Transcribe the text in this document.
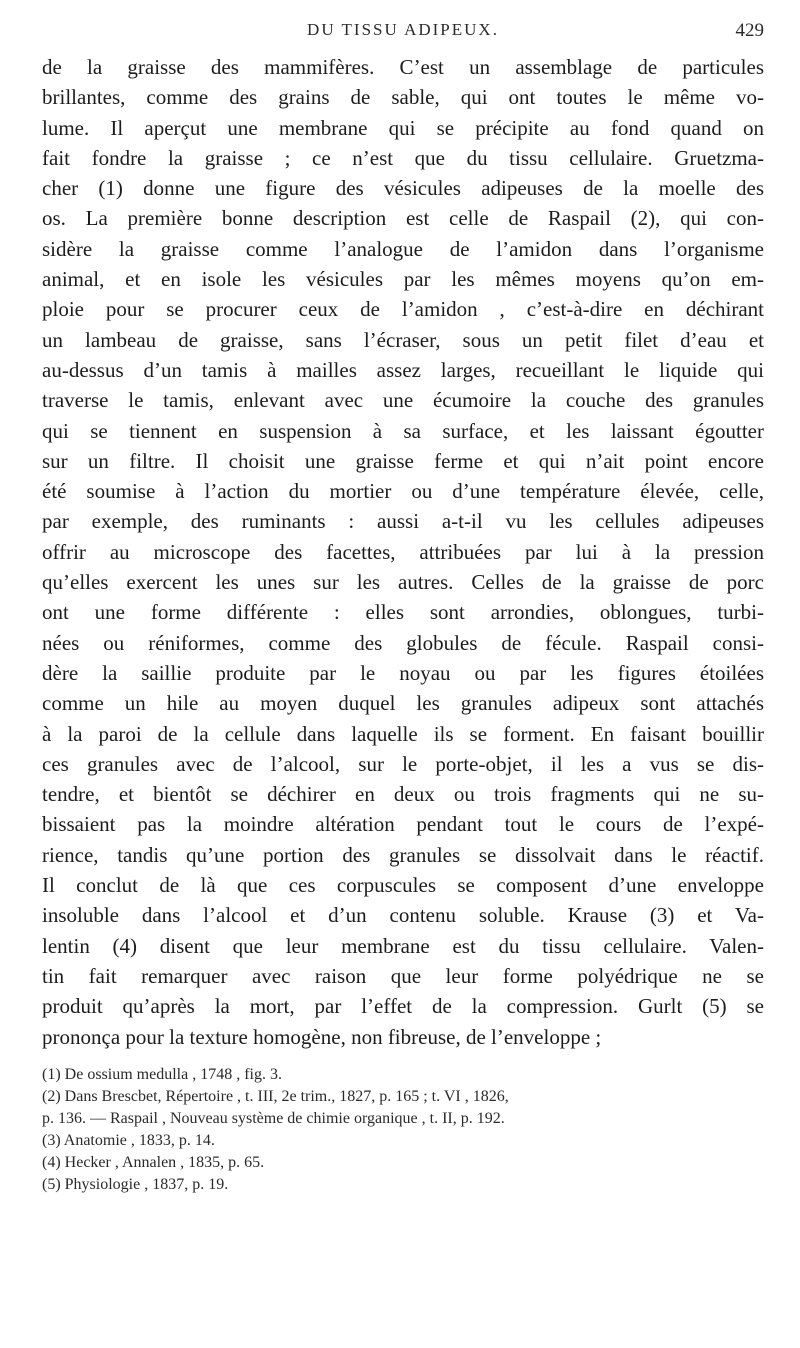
DU TISSU ADIPEUX.	429
de la graisse des mammifères. C’est un assemblage de particules
brillantes, comme des grains de sable, qui ont toutes le même vo-
lume. Il aperçut une membrane qui se précipite au fond quand on
fait fondre la graisse ; ce n’est que du tissu cellulaire. Gruetzma-
cher (1) donne une figure des vésicules adipeuses de la moelle des
os. La première bonne description est celle de Raspail (2), qui con-
sidère la graisse comme l’analogue de l’amidon dans l’organisme
animal, et en isole les vésicules par les mêmes moyens qu’on em-
ploie pour se procurer ceux de l’amidon , c’est-à-dire en déchirant
un lambeau de graisse, sans l’écraser, sous un petit filet d’eau et
au-dessus d’un tamis à mailles assez larges, recueillant le liquide qui
traverse le tamis, enlevant avec une écumoire la couche des granules
qui se tiennent en suspension à sa surface, et les laissant égoutter
sur un filtre. Il choisit une graisse ferme et qui n’ait point encore
été soumise à l’action du mortier ou d’une température élevée, celle,
par exemple, des ruminants : aussi a-t-il vu les cellules adipeuses
offrir au microscope des facettes, attribuées par lui à la pression
qu’elles exercent les unes sur les autres. Celles de la graisse de porc
ont une forme différente : elles sont arrondies, oblongues, turbi-
nées ou réniformes, comme des globules de fécule. Raspail consi-
dère la saillie produite par le noyau ou par les figures étoilées
comme un hile au moyen duquel les granules adipeux sont attachés
à la paroi de la cellule dans laquelle ils se forment. En faisant bouillir
ces granules avec de l’alcool, sur le porte-objet, il les a vus se dis-
tendre, et bientôt se déchirer en deux ou trois fragments qui ne su-
bissaient pas la moindre altération pendant tout le cours de l’expé-
rience, tandis qu’une portion des granules se dissolvait dans le réactif.
Il conclut de là que ces corpuscules se composent d’une enveloppe
insoluble dans l’alcool et d’un contenu soluble. Krause (3) et Va-
lentin (4) disent que leur membrane est du tissu cellulaire. Valen-
tin fait remarquer avec raison que leur forme polyédrique ne se
produit qu’après la mort, par l’effet de la compression. Gurlt (5) se
prononça pour la texture homogène, non fibreuse, de l’enveloppe ;
(1) De ossium medulla , 1748 , fig. 3.
(2) Dans Brescbet, Répertoire , t. III, 2e trim., 1827, p. 165 ; t. VI , 1826,
p. 136. — Raspail , Nouveau système de chimie organique , t. II, p. 192.
(3) Anatomie , 1833, p. 14.
(4) Hecker , Annalen , 1835, p. 65.
(5) Physiologie , 1837, p. 19.
